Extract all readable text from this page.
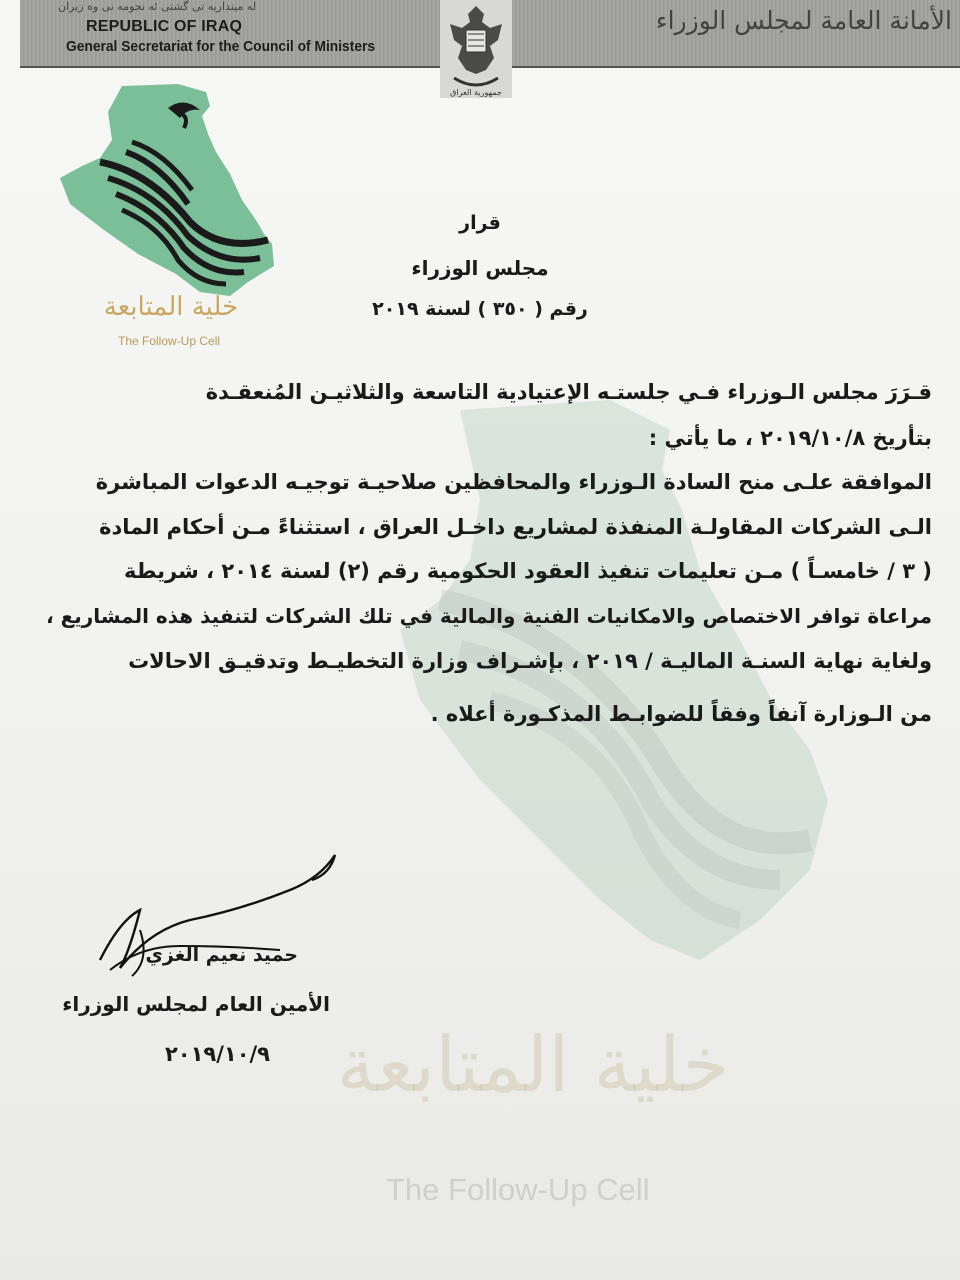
لە مینداریە تی گشتی ئە نجومە نی وە زیران
REPUBLIC OF IRAQ
General Secretariat for the Council of Ministers
الأمانة العامة لمجلس الوزراء
جمهورية العراق
خلية المتابعة
The Follow-Up Cell
خلية المتابعة
The Follow-Up Cell
قرار
مجلس الوزراء
رقم ( ٣٥٠ ) لسنة ٢٠١٩
قـرَرَ مجلس الـوزراء فـي جلستـه الإعتيادية التاسعة والثلاثيـن المُنعقـدة
بتأريخ ٢٠١٩/١٠/٨ ، ما يأتي :
الموافقة علـى منح السادة الـوزراء والمحافظين صلاحيـة توجيـه الدعوات المباشرة
الـى الشركات المقاولـة المنفذة لمشاريع داخـل العراق ، استثناءً مـن أحكام المادة
( ٣ / خامسـاً ) مـن تعليمات تنفيذ العقود الحكومية رقم (٢) لسنة ٢٠١٤ ، شريطة
مراعاة توافر الاختصاص والامكانيات الفنية والمالية في تلك الشركات لتنفيذ هذه المشاريع ،
ولغاية نهاية السنـة الماليـة / ٢٠١٩ ، بإشـراف وزارة التخطيـط وتدقيـق الاحالات
من الـوزارة آنفاً وفقاً للضوابـط المذكـورة أعلاه .
حميد نعيم الغزي
الأمين العام لمجلس الوزراء
٢٠١٩/١٠/٩
